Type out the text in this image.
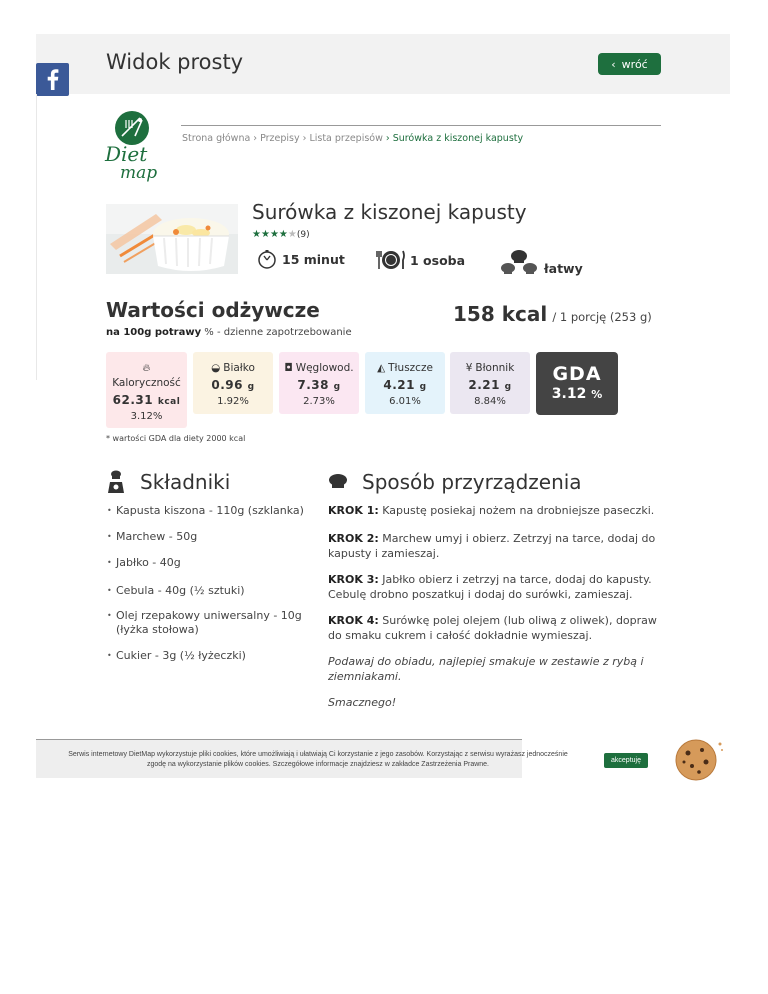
Widok prosty	‹ wróć
Diet
map
Strona główna › Przepisy › Lista przepisów › Surówka z kiszonej kapusty
Surówka z kiszonej kapusty
★★★★★(9)
15 minut	1 osoba
łatwy
Wartości odżywcze	158 kcal / 1 porcję (253 g)
na 100g potrawy % - dzienne zapotrzebowanie
🔥︎
Kaloryczność
62.31 kcal
3.12%
◒ Białko
0.96 g
1.92%
◘ Węglowod.
7.38 g
2.73%
◭ Tłuszcze
4.21 g
6.01%
¥ Błonnik
2.21 g
8.84%
GDA
3.12 %
* wartości GDA dla diety 2000 kcal
Składniki	Sposób przyrządzenia
• Kapusta kiszona - 110g (szklanka)
• Marchew - 50g
• Jabłko - 40g
• Cebula - 40g (½ sztuki)
• Olej rzepakowy uniwersalny - 10g (łyżka stołowa)
• Cukier - 3g (½ łyżeczki)

KROK 1: Kapustę posiekaj nożem na drobniejsze paseczki.

KROK 2: Marchew umyj i obierz. Zetrzyj na tarce, dodaj do kapusty i zamieszaj.

KROK 3: Jabłko obierz i zetrzyj na tarce, dodaj do kapusty. Cebulę drobno poszatkuj i dodaj do surówki, zamieszaj.

KROK 4: Surówkę polej olejem (lub oliwą z oliwek), dopraw do smaku cukrem i całość dokładnie wymieszaj.

Podawaj do obiadu, najlepiej smakuje w zestawie z rybą i ziemniakami.

Smacznego!

Serwis internetowy DietMap wykorzystuje pliki cookies, które umożliwiają i ułatwiają Ci korzystanie z jego zasobów. Korzystając z serwisu wyrażasz jednocześnie
zgodę na wykorzystanie plików cookies. Szczegółowe informacje znajdziesz w zakładce Zastrzeżenia Prawne.
akceptuję
